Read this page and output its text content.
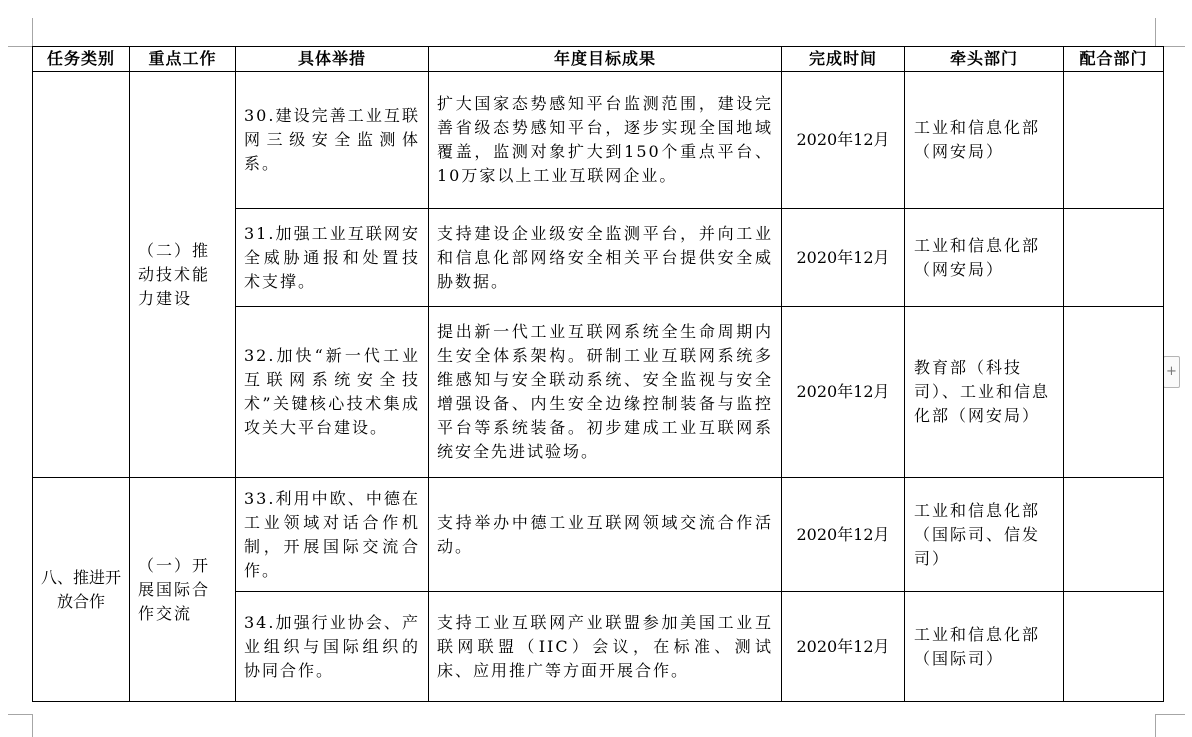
+
任务类别	重点工作	具体举措	年度目标成果	完成时间	牵头部门	配合部门
	（二）推动技术能力建设	30.建设完善工业互联网三级安全监测体系。	扩大国家态势感知平台监测范围，建设完善省级态势感知平台，逐步实现全国地域覆盖，监测对象扩大到150个重点平台、10万家以上工业互联网企业。	2020年12月	工业和信息化部（网安局）	
		31.加强工业互联网安全威胁通报和处置技术支撑。	支持建设企业级安全监测平台，并向工业和信息化部网络安全相关平台提供安全威胁数据。	2020年12月	工业和信息化部（网安局）	
		32.加快“新一代工业互联网系统安全技术”关键核心技术集成攻关大平台建设。	提出新一代工业互联网系统全生命周期内生安全体系架构。研制工业互联网系统多维感知与安全联动系统、安全监视与安全增强设备、内生安全边缘控制装备与监控平台等系统装备。初步建成工业互联网系统安全先进试验场。	2020年12月	教育部（科技司）、工业和信息化部（网安局）	
八、推进开放合作	（一）开展国际合作交流	33.利用中欧、中德在工业领域对话合作机制，开展国际交流合作。	支持举办中德工业互联网领域交流合作活动。	2020年12月	工业和信息化部（国际司、信发司）	
		34.加强行业协会、产业组织与国际组织的协同合作。	支持工业互联网产业联盟参加美国工业互联网联盟（IIC）会议，在标准、测试床、应用推广等方面开展合作。	2020年12月	工业和信息化部（国际司）	
